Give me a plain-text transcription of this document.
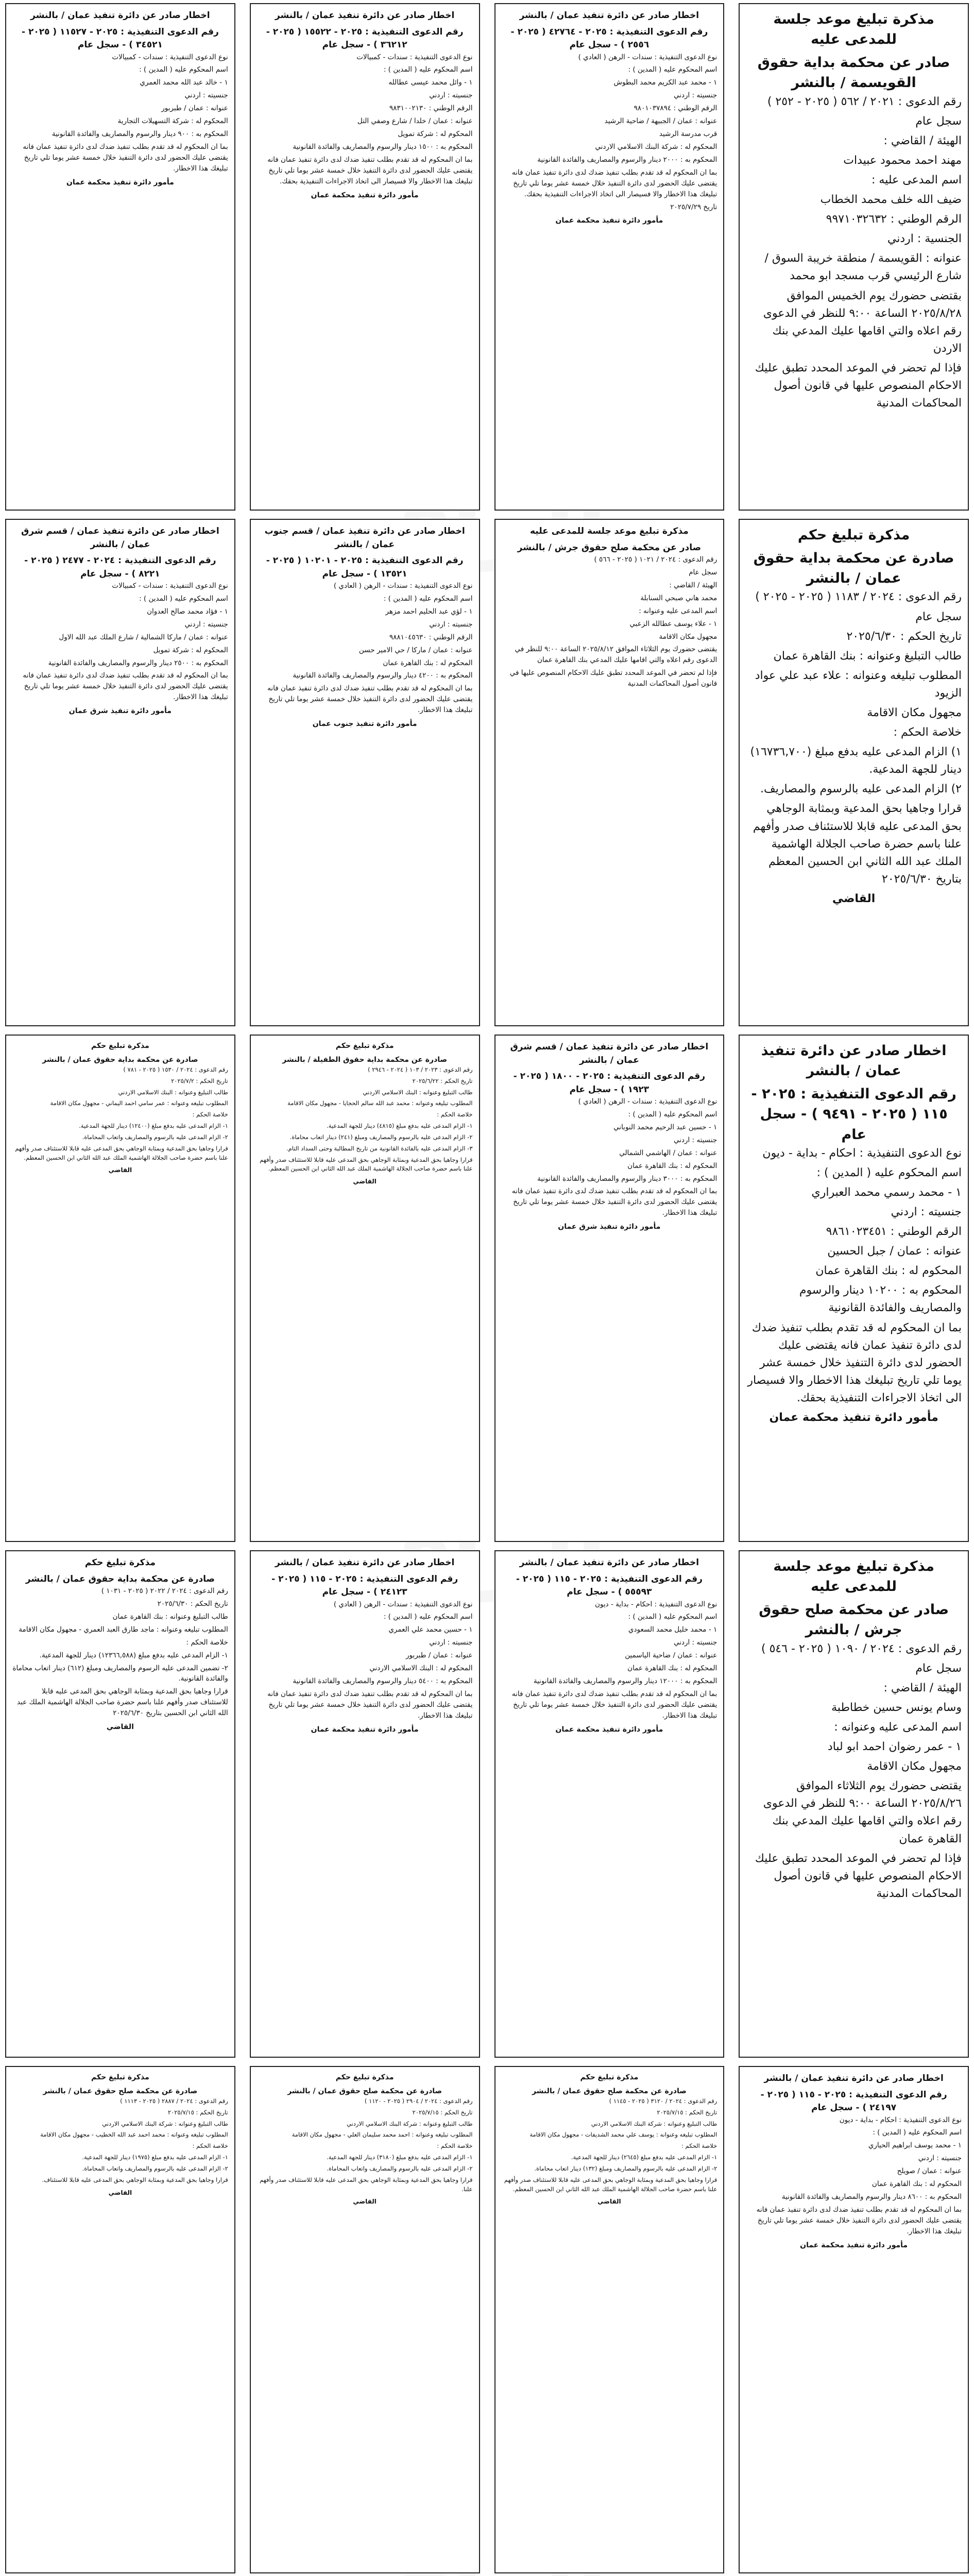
مذكرة تبليغ موعد جلسة للمدعى عليه
صادر عن محكمة بداية حقوق القويسمة / بالنشر

رقم الدعوى : ٢٠٢١ / ٥٦٢ ( ٢٠٢٥ - ٢٥٢ )

سجل عام

الهيئة / القاضي :

مهند احمد محمود عبيدات

اسم المدعى عليه :

ضيف الله خلف محمد الخطاب

الرقم الوطني : ٩٩٧١٠٣٢٦٣٢

الجنسية : اردني

عنوانه : القويسمة / منطقة خريبة السوق / شارع الرئيسي قرب مسجد ابو محمد

بقتضى حضورك يوم الخميس الموافق ٢٠٢٥/٨/٢٨ الساعة ٩:٠٠ للنظر في الدعوى رقم اعلاه والتي اقامها عليك المدعي بنك الاردن

فإذا لم تحضر في الموعد المحدد تطبق عليك الاحكام المنصوص عليها في قانون أصول المحاكمات المدنية

اخطار صادر عن دائرة تنفيذ عمان / بالنشر
رقم الدعوى التنفيذية : ٢٠٢٥ - ٤٢٧٦٤ ( ٢٠٢٥ - ٢٥٥٦ ) - سجل عام

نوع الدعوى التنفيذية : سندات - الرهن ( العادي )

اسم المحكوم عليه ( المدين ) :

١ - محمد عبد الكريم محمد البطوش

جنسيته : اردني

الرقم الوطني : ٩٨٠١٠٣٧٨٩٤

عنوانه : عمان / الجبيهة / ضاحية الرشيد

قرب مدرسة الرشيد

المحكوم له : شركة البنك الاسلامي الاردني

المحكوم به : ٢٠٠٠ دينار والرسوم والمصاريف والفائدة القانونية

بما ان المحكوم له قد تقدم بطلب تنفيذ ضدك لدى دائرة تنفيذ عمان فانه يقتضى عليك الحضور لدى دائرة التنفيذ خلال خمسة عشر يوما تلي تاريخ تبليغك هذا الاخطار والا فسيصار الى اتخاذ الاجراءات التنفيذية بحقك.

تاريخ ٢٠٢٥/٧/٢٩

مأمور دائرة تنفيذ محكمة عمان
اخطار صادر عن دائرة تنفيذ عمان / بالنشر
رقم الدعوى التنفيذية : ٢٠٢٥ - ١٥٥٢٢ ( ٢٠٢٥ - ٣٦٢١٢ ) - سجل عام

نوع الدعوى التنفيذية : سندات - كمبيالات

اسم المحكوم عليه ( المدين ) :

١ - وائل محمد عيسى عطالله

جنسيته : اردني

الرقم الوطني : ٩٨٣١٠٠٢١٣٠

عنوانه : عمان / خلدا / شارع وصفي التل

المحكوم له : شركة تمويل

المحكوم به : ١٥٠٠ دينار والرسوم والمصاريف والفائدة القانونية

بما ان المحكوم له قد تقدم بطلب تنفيذ ضدك لدى دائرة تنفيذ عمان فانه يقتضى عليك الحضور لدى دائرة التنفيذ خلال خمسة عشر يوما تلي تاريخ تبليغك هذا الاخطار والا فسيصار الى اتخاذ الاجراءات التنفيذية بحقك.

مأمور دائرة تنفيذ محكمة عمان
اخطار صادر عن دائرة تنفيذ عمان / بالنشر
رقم الدعوى التنفيذية : ٢٠٢٥ - ١١٥٢٧ ( ٢٠٢٥ - ٣٤٥٢١ ) - سجل عام

نوع الدعوى التنفيذية : سندات - كمبيالات

اسم المحكوم عليه ( المدين ) :

١ - خالد عبد الله محمد العمري

جنسيته : اردني

عنوانه : عمان / طبربور

المحكوم له : شركة التسهيلات التجارية

المحكوم به : ٩٠٠ دينار والرسوم والمصاريف والفائدة القانونية

بما ان المحكوم له قد تقدم بطلب تنفيذ ضدك لدى دائرة تنفيذ عمان فانه يقتضى عليك الحضور لدى دائرة التنفيذ خلال خمسة عشر يوما تلي تاريخ تبليغك هذا الاخطار.

مأمور دائرة تنفيذ محكمة عمان
مذكرة تبليغ حكم
صادرة عن محكمة بداية حقوق عمان / بالنشر

رقم الدعوى : ٢٠٢٤ / ١١٨٣ ( ٢٠٢٥ - ٢٠٢٥ )

سجل عام

تاريخ الحكم : ٢٠٢٥/٦/٣٠

طالب التبليغ وعنوانه : بنك القاهرة عمان

المطلوب تبليغه وعنوانه : علاء عبد علي عواد الزيود

مجهول مكان الاقامة

خلاصة الحكم :

١) الزام المدعى عليه بدفع مبلغ (١٦٧٣٦,٧٠٠) دينار للجهة المدعية.

٢) الزام المدعى عليه بالرسوم والمصاريف.

قرارا وجاهيا بحق المدعية وبمثابة الوجاهي بحق المدعى عليه قابلا للاستئناف صدر وأفهم علنا باسم حضرة صاحب الجلالة الهاشمية الملك عبد الله الثاني ابن الحسين المعظم بتاريخ ٢٠٢٥/٦/٣٠

القاضي
مذكرة تبليغ موعد جلسة للمدعى عليه
صادر عن محكمة صلح حقوق جرش / بالنشر

رقم الدعوى : ٢٠٢٤ / ١٠٢١ ( ٢٠٢٥ - ٥٦٦ )

سجل عام

الهيئة / القاضي :

محمد هاني صبحي السنابلة

اسم المدعى عليه وعنوانه :

١ - علاء يوسف عطالله الزعبي

مجهول مكان الاقامة

يقتضى حضورك يوم الثلاثاء الموافق ٢٠٢٥/٨/١٢ الساعة ٩:٠٠ للنظر في الدعوى رقم اعلاه والتي اقامها عليك المدعي بنك القاهرة عمان

فإذا لم تحضر في الموعد المحدد تطبق عليك الاحكام المنصوص عليها في قانون أصول المحاكمات المدنية

اخطار صادر عن دائرة تنفيذ عمان / قسم جنوب عمان / بالنشر
رقم الدعوى التنفيذية : ٢٠٢٥ - ١٠٢٠١ ( ٢٠٢٥ - ١٣٥٢١ ) - سجل عام

نوع الدعوى التنفيذية : سندات - الرهن ( العادي )

اسم المحكوم عليه ( المدين ) :

١ - لؤي عبد الحليم احمد مزهر

جنسيته : اردني

الرقم الوطني : ٩٨٨١٠٤٥٦٣٠

عنوانه : عمان / ماركا / حي الامير حسن

المحكوم له : بنك القاهرة عمان

المحكوم به : ٤٢٠٠ دينار والرسوم والمصاريف والفائدة القانونية

بما ان المحكوم له قد تقدم بطلب تنفيذ ضدك لدى دائرة تنفيذ عمان فانه يقتضى عليك الحضور لدى دائرة التنفيذ خلال خمسة عشر يوما تلي تاريخ تبليغك هذا الاخطار.

مأمور دائرة تنفيذ جنوب عمان
اخطار صادر عن دائرة تنفيذ عمان / قسم شرق عمان / بالنشر
رقم الدعوى التنفيذية : ٢٠٢٤ - ٢٤٧٧ ( ٢٠٢٥ - ٨٢٢١ ) - سجل عام

نوع الدعوى التنفيذية : سندات - كمبيالات

اسم المحكوم عليه ( المدين ) :

١ - فؤاد محمد صالح العدوان

جنسيته : اردني

عنوانه : عمان / ماركا الشمالية / شارع الملك عبد الله الاول

المحكوم له : شركة تمويل

المحكوم به : ٢٥٠٠ دينار والرسوم والمصاريف والفائدة القانونية

بما ان المحكوم له قد تقدم بطلب تنفيذ ضدك لدى دائرة تنفيذ عمان فانه يقتضى عليك الحضور لدى دائرة التنفيذ خلال خمسة عشر يوما تلي تاريخ تبليغك هذا الاخطار.

مأمور دائرة تنفيذ شرق عمان
اخطار صادر عن دائرة تنفيذ عمان / بالنشر
رقم الدعوى التنفيذية : ٢٠٢٥ - ١١٥ ( ٢٠٢٥ - ٩٤٩١ ) - سجل عام

نوع الدعوى التنفيذية : احكام - بداية - ديون

اسم المحكوم عليه ( المدين ) :

١ - محمد رسمي محمد العبراري

جنسيته : اردني

الرقم الوطني : ٩٨٦١٠٢٣٤٥١

عنوانه : عمان / جبل الحسين

المحكوم له : بنك القاهرة عمان

المحكوم به : ١٠٢٠٠ دينار والرسوم والمصاريف والفائدة القانونية

بما ان المحكوم له قد تقدم بطلب تنفيذ ضدك لدى دائرة تنفيذ عمان فانه يقتضى عليك الحضور لدى دائرة التنفيذ خلال خمسة عشر يوما تلي تاريخ تبليغك هذا الاخطار والا فسيصار الى اتخاذ الاجراءات التنفيذية بحقك.

مأمور دائرة تنفيذ محكمة عمان
اخطار صادر عن دائرة تنفيذ عمان / قسم شرق عمان / بالنشر
رقم الدعوى التنفيذية : ٢٠٢٥ - ١٨٠٠ ( ٢٠٢٥ - ١٩٢٣ ) - سجل عام

نوع الدعوى التنفيذية : سندات - الرهن ( العادي )

اسم المحكوم عليه ( المدين ) :

١ - حسين عبد الرحيم محمد النوباني

جنسيته : اردني

عنوانه : عمان / الهاشمي الشمالي

المحكوم له : بنك القاهرة عمان

المحكوم به : ٣٠٠٠ دينار والرسوم والمصاريف والفائدة القانونية

بما ان المحكوم له قد تقدم بطلب تنفيذ ضدك لدى دائرة تنفيذ عمان فانه يقتضى عليك الحضور لدى دائرة التنفيذ خلال خمسة عشر يوما تلي تاريخ تبليغك هذا الاخطار.

مأمور دائرة تنفيذ شرق عمان
مذكرة تبليغ حكم
صادرة عن محكمة بداية حقوق الطفيلة / بالنشر

رقم الدعوى : ٢٠٢٣ / ١٠٣ ( ٢٠٢٤ - ٢٩٤٦ )

تاريخ الحكم : ٢٠٢٥/٦/٢٢

طالب التبليغ وعنوانه : البنك الاسلامي الاردني

المطلوب تبليغه وعنوانه : محمد عبد الله سالم الحجايا - مجهول مكان الاقامة

خلاصة الحكم :

١- الزام المدعى عليه بدفع مبلغ (٤٨١٥) دينار للجهة المدعية.

٢- الزام المدعى عليه بالرسوم والمصاريف ومبلغ (٢٤١) دينار اتعاب محاماة.

٣- الزام المدعى عليه بالفائدة القانونية من تاريخ المطالبة وحتى السداد التام.

قرارا وجاهيا بحق المدعية وبمثابة الوجاهي بحق المدعى عليه قابلا للاستئناف صدر وأفهم علنا باسم حضرة صاحب الجلالة الهاشمية الملك عبد الله الثاني ابن الحسين المعظم.

القاضي
مذكرة تبليغ حكم
صادرة عن محكمة بداية حقوق عمان / بالنشر

رقم الدعوى : ٢٠٢٤ / ١٥٣٠ ( ٢٠٢٥ - ٧٨١ )

تاريخ الحكم : ٢٠٢٥/٧/٢

طالب التبليغ وعنوانه : البنك الاسلامي الاردني

المطلوب تبليغه وعنوانه : عمر سامي احمد اليماني - مجهول مكان الاقامة

خلاصة الحكم :

١- الزام المدعى عليه بدفع مبلغ (١٢٤٠٠) دينار للجهة المدعية.

٢- الزام المدعى عليه بالرسوم والمصاريف واتعاب المحاماة.

قرارا وجاهيا بحق المدعية وبمثابة الوجاهي بحق المدعى عليه قابلا للاستئناف صدر وأفهم علنا باسم حضرة صاحب الجلالة الهاشمية الملك عبد الله الثاني ابن الحسين المعظم.

القاضي
مذكرة تبليغ موعد جلسة للمدعى عليه
صادر عن محكمة صلح حقوق جرش / بالنشر

رقم الدعوى : ٢٠٢٤ / ١٠٩٠ ( ٢٠٢٥ - ٥٤٦ )

سجل عام

الهيئة / القاضي :

وسام يونس حسين خطاطبة

اسم المدعى عليه وعنوانه :

١ - عمر رضوان احمد ابو لباد

مجهول مكان الاقامة

يقتضى حضورك يوم الثلاثاء الموافق ٢٠٢٥/٨/٢٦ الساعة ٩:٠٠ للنظر في الدعوى رقم اعلاه والتي اقامها عليك المدعي بنك القاهرة عمان

فإذا لم تحضر في الموعد المحدد تطبق عليك الاحكام المنصوص عليها في قانون أصول المحاكمات المدنية

اخطار صادر عن دائرة تنفيذ عمان / بالنشر
رقم الدعوى التنفيذية : ٢٠٢٥ - ١١٥ ( ٢٠٢٥ - ٥٥٥٩٣ ) - سجل عام

نوع الدعوى التنفيذية : احكام - بداية - ديون

اسم المحكوم عليه ( المدين ) :

١ - محمد خليل محمد السعودي

جنسيته : اردني

عنوانه : عمان / ضاحية الياسمين

المحكوم له : بنك القاهرة عمان

المحكوم به : ١٢٠٠٠ دينار والرسوم والمصاريف والفائدة القانونية

بما ان المحكوم له قد تقدم بطلب تنفيذ ضدك لدى دائرة تنفيذ عمان فانه يقتضى عليك الحضور لدى دائرة التنفيذ خلال خمسة عشر يوما تلي تاريخ تبليغك هذا الاخطار.

مأمور دائرة تنفيذ محكمة عمان
اخطار صادر عن دائرة تنفيذ عمان / بالنشر
رقم الدعوى التنفيذية : ٢٠٢٥ - ١١٥ ( ٢٠٢٥ - ٢٤١٢٣ ) - سجل عام

نوع الدعوى التنفيذية : سندات - الرهن ( العادي )

اسم المحكوم عليه ( المدين ) :

١ - حسين محمد علي العمري

جنسيته : اردني

عنوانه : عمان / طبربور

المحكوم له : البنك الاسلامي الاردني

المحكوم به : ٥٤٠٠ دينار والرسوم والمصاريف والفائدة القانونية

بما ان المحكوم له قد تقدم بطلب تنفيذ ضدك لدى دائرة تنفيذ عمان فانه يقتضى عليك الحضور لدى دائرة التنفيذ خلال خمسة عشر يوما تلي تاريخ تبليغك هذا الاخطار.

مأمور دائرة تنفيذ محكمة عمان
مذكرة تبليغ حكم
صادرة عن محكمة بداية حقوق عمان / بالنشر

رقم الدعوى : ٢٠٢٤ / ٢٠٢٢ ( ٢٠٢٥ - ١٠٣١ )

تاريخ الحكم : ٢٠٢٥/٦/٣٠

طالب التبليغ وعنوانه : بنك القاهرة عمان

المطلوب تبليغه وعنوانه : ماجد طارق العبد العمري - مجهول مكان الاقامة

خلاصة الحكم :

١- الزام المدعى عليه بدفع مبلغ (١٢٣٦٦,٥٨٨) دينار للجهة المدعية.

٢- تضمين المدعى عليه الرسوم والمصاريف ومبلغ (٦١٢) دينار اتعاب محاماة والفائدة القانونية.

قرارا وجاهيا بحق المدعية وبمثابة الوجاهي بحق المدعى عليه قابلا للاستئناف صدر وأفهم علنا باسم حضرة صاحب الجلالة الهاشمية الملك عبد الله الثاني ابن الحسين بتاريخ ٢٠٢٥/٦/٣٠

القاضي
اخطار صادر عن دائرة تنفيذ عمان / بالنشر
رقم الدعوى التنفيذية : ٢٠٢٥ - ١١٥ ( ٢٠٢٥ - ٢٤١٩٧ ) - سجل عام

نوع الدعوى التنفيذية : احكام - بداية - ديون

اسم المحكوم عليه ( المدين ) :

١ - محمد يوسف ابراهيم الحياري

جنسيته : اردني

عنوانه : عمان / صويلح

المحكوم له : بنك القاهرة عمان

المحكوم به : ٨٦٠٠ دينار والرسوم والمصاريف والفائدة القانونية

بما ان المحكوم له قد تقدم بطلب تنفيذ ضدك لدى دائرة تنفيذ عمان فانه يقتضى عليك الحضور لدى دائرة التنفيذ خلال خمسة عشر يوما تلي تاريخ تبليغك هذا الاخطار.

مأمور دائرة تنفيذ محكمة عمان
مذكرة تبليغ حكم
صادرة عن محكمة صلح حقوق عمان / بالنشر

رقم الدعوى : ٢٠٢٤ / ٣١٢٠ ( ٢٠٢٥ - ١١٤٥ )

تاريخ الحكم : ٢٠٢٥/٧/١٥

طالب التبليغ وعنوانه : شركة البنك الاسلامي الاردني

المطلوب تبليغه وعنوانه : يوسف علي محمد الشديفات - مجهول مكان الاقامة

خلاصة الحكم :

١- الزام المدعى عليه بدفع مبلغ (٢٦٤٥) دينار للجهة المدعية.

٢- الزام المدعى عليه بالرسوم والمصاريف ومبلغ (١٣٢) دينار اتعاب محاماة.

قرارا وجاهيا بحق المدعية وبمثابة الوجاهي بحق المدعى عليه قابلا للاستئناف صدر وأفهم علنا باسم حضرة صاحب الجلالة الهاشمية الملك عبد الله الثاني ابن الحسين المعظم.

القاضي
مذكرة تبليغ حكم
صادرة عن محكمة صلح حقوق عمان / بالنشر

رقم الدعوى : ٢٠٢٤ / ٢٩٠٤ ( ٢٠٢٥ - ١١٢٠ )

تاريخ الحكم : ٢٠٢٥/٧/١٥

طالب التبليغ وعنوانه : شركة البنك الاسلامي الاردني

المطلوب تبليغه وعنوانه : احمد محمد سليمان العلي - مجهول مكان الاقامة

خلاصة الحكم :

١- الزام المدعى عليه بدفع مبلغ (٣١٨٠) دينار للجهة المدعية.

٢- الزام المدعى عليه بالرسوم والمصاريف واتعاب المحاماة.

قرارا وجاهيا بحق المدعية وبمثابة الوجاهي بحق المدعى عليه قابلا للاستئناف صدر وأفهم علنا.

القاضي
مذكرة تبليغ حكم
صادرة عن محكمة صلح حقوق عمان / بالنشر

رقم الدعوى : ٢٠٢٤ / ٢٨٨٧ ( ٢٠٢٥ - ١١١٣ )

تاريخ الحكم : ٢٠٢٥/٧/١٥

طالب التبليغ وعنوانه : شركة البنك الاسلامي الاردني

المطلوب تبليغه وعنوانه : محمد احمد عبد الله الخطيب - مجهول مكان الاقامة

خلاصة الحكم :

١- الزام المدعى عليه بدفع مبلغ (١٩٧٥) دينار للجهة المدعية.

٢- الزام المدعى عليه بالرسوم والمصاريف واتعاب المحاماة.

قرارا وجاهيا بحق المدعية وبمثابة الوجاهي بحق المدعى عليه قابلا للاستئناف.

القاضي
